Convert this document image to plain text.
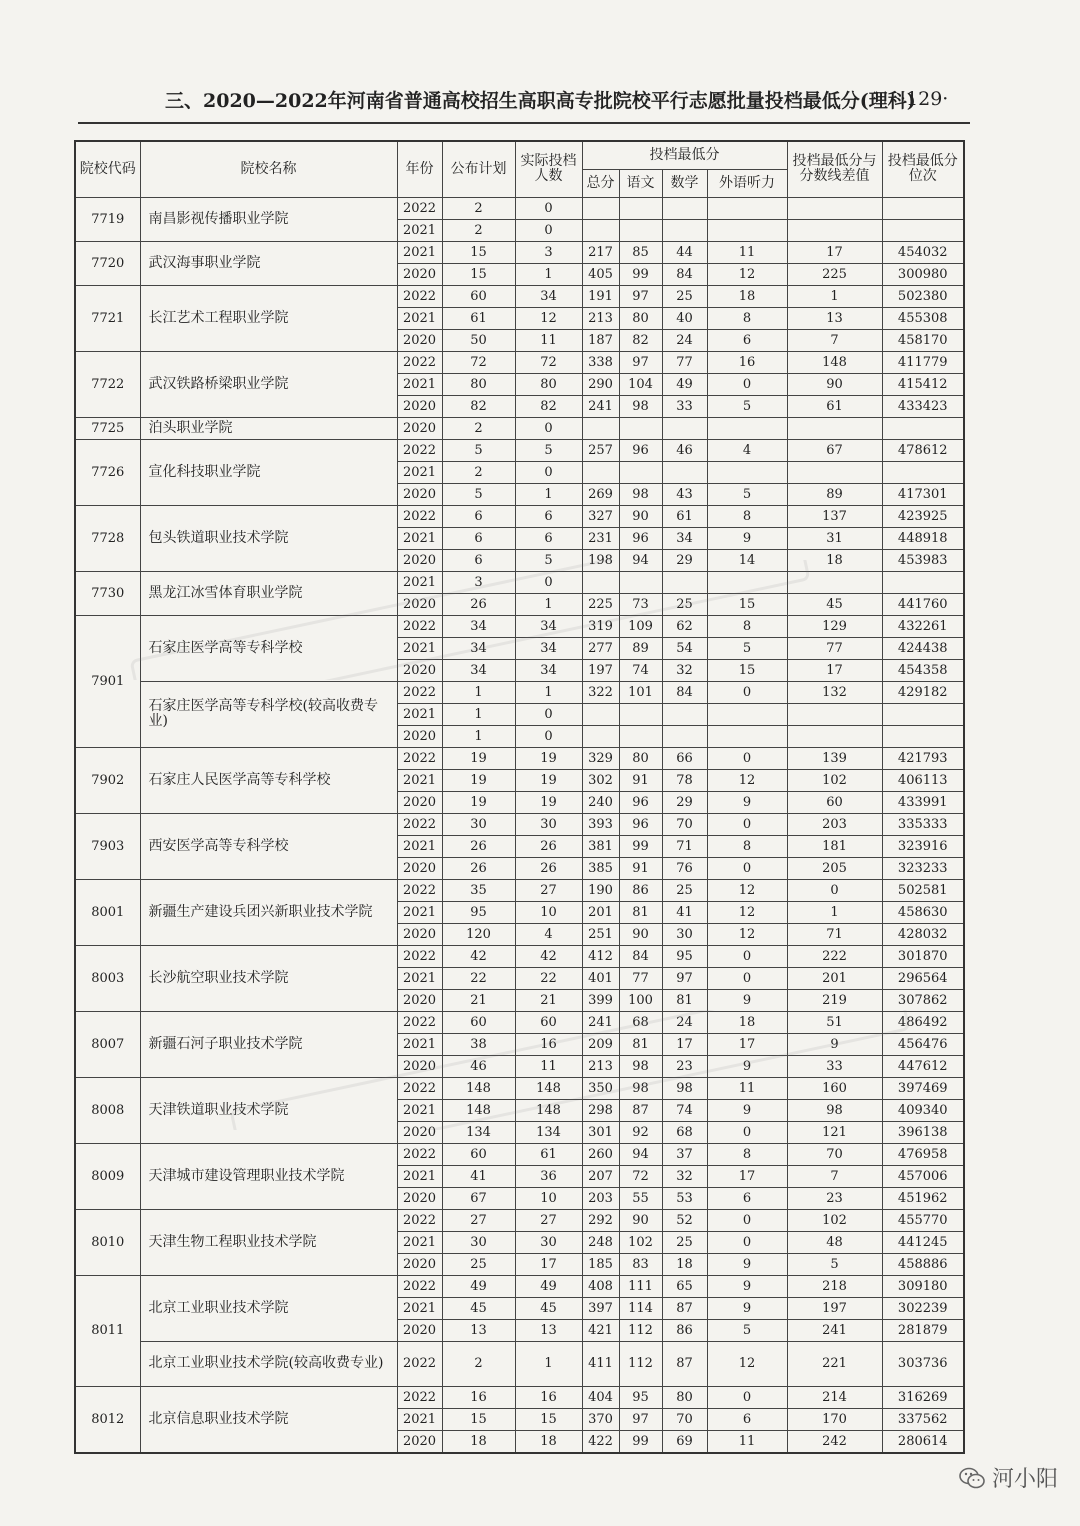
三、2020—2022年河南省普通高校招生高职高专批院校平行志愿批量投档最低分(理科)
·129·
院校代码	院校名称	年份	公布计划	实际投档人数	投档最低分				投档最低分与分数线差值	投档最低分位次
					总分	语文	数学	外语听力		
7719	南昌影视传播职业学院	2022	2	0						
		2021	2	0						
7720	武汉海事职业学院	2021	15	3	217	85	44	11	17	454032
		2020	15	1	405	99	84	12	225	300980
7721	长江艺术工程职业学院	2022	60	34	191	97	25	18	1	502380
		2021	61	12	213	80	40	8	13	455308
		2020	50	11	187	82	24	6	7	458170
7722	武汉铁路桥梁职业学院	2022	72	72	338	97	77	16	148	411779
		2021	80	80	290	104	49	0	90	415412
		2020	82	82	241	98	33	5	61	433423
7725	泊头职业学院	2020	2	0						
7726	宣化科技职业学院	2022	5	5	257	96	46	4	67	478612
		2021	2	0						
		2020	5	1	269	98	43	5	89	417301
7728	包头铁道职业技术学院	2022	6	6	327	90	61	8	137	423925
		2021	6	6	231	96	34	9	31	448918
		2020	6	5	198	94	29	14	18	453983
7730	黑龙江冰雪体育职业学院	2021	3	0						
		2020	26	1	225	73	25	15	45	441760
7901	石家庄医学高等专科学校	2022	34	34	319	109	62	8	129	432261
		2021	34	34	277	89	54	5	77	424438
		2020	34	34	197	74	32	15	17	454358
	石家庄医学高等专科学校(较高收费专业)	2022	1	1	322	101	84	0	132	429182
		2021	1	0						
		2020	1	0						
7902	石家庄人民医学高等专科学校	2022	19	19	329	80	66	0	139	421793
		2021	19	19	302	91	78	12	102	406113
		2020	19	19	240	96	29	9	60	433991
7903	西安医学高等专科学校	2022	30	30	393	96	70	0	203	335333
		2021	26	26	381	99	71	8	181	323916
		2020	26	26	385	91	76	0	205	323233
8001	新疆生产建设兵团兴新职业技术学院	2022	35	27	190	86	25	12	0	502581
		2021	95	10	201	81	41	12	1	458630
		2020	120	4	251	90	30	12	71	428032
8003	长沙航空职业技术学院	2022	42	42	412	84	95	0	222	301870
		2021	22	22	401	77	97	0	201	296564
		2020	21	21	399	100	81	9	219	307862
8007	新疆石河子职业技术学院	2022	60	60	241	68	24	18	51	486492
		2021	38	16	209	81	17	17	9	456476
		2020	46	11	213	98	23	9	33	447612
8008	天津铁道职业技术学院	2022	148	148	350	98	98	11	160	397469
		2021	148	148	298	87	74	9	98	409340
		2020	134	134	301	92	68	0	121	396138
8009	天津城市建设管理职业技术学院	2022	60	61	260	94	37	8	70	476958
		2021	41	36	207	72	32	17	7	457006
		2020	67	10	203	55	53	6	23	451962
8010	天津生物工程职业技术学院	2022	27	27	292	90	52	0	102	455770
		2021	30	30	248	102	25	0	48	441245
		2020	25	17	185	83	18	9	5	458886
8011	北京工业职业技术学院	2022	49	49	408	111	65	9	218	309180
		2021	45	45	397	114	87	9	197	302239
		2020	13	13	421	112	86	5	241	281879
	北京工业职业技术学院(较高收费专业)	2022	2	1	411	112	87	12	221	303736
8012	北京信息职业技术学院	2022	16	16	404	95	80	0	214	316269
		2021	15	15	370	97	70	6	170	337562
		2020	18	18	422	99	69	11	242	280614
河小阳
